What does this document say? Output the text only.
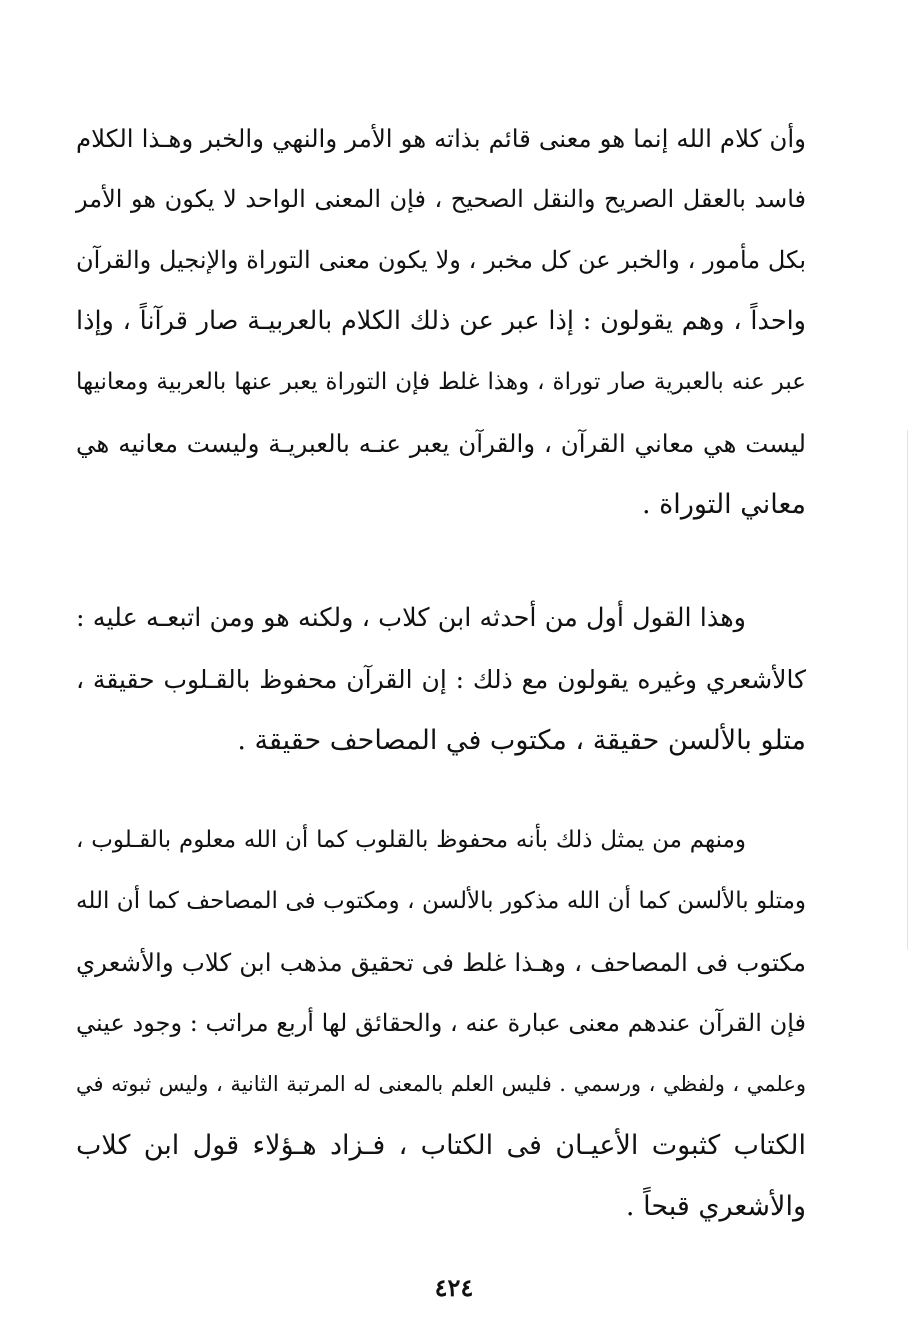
وأن كلام الله إنما هو معنى قائم بذاته هو الأمر والنهي والخبر وهـذا الكلام
فاسد بالعقل الصريح والنقل الصحيح ، فإن المعنى الواحد لا يكون هو الأمر
بكل مأمور ، والخبر عن كل مخبر ، ولا يكون معنى التوراة والإنجيل والقرآن
واحداً ، وهم يقولون : إذا عبر عن ذلك الكلام بالعربيـة صار قرآناً ، وإذا
عبر عنه بالعبرية صار توراة ، وهذا غلط فإن التوراة يعبر عنها بالعربية ومعانيها
ليست هي معاني القرآن ، والقرآن يعبر عنـه بالعبريـة وليست معانيه هي
معاني التوراة .
وهذا القول أول من أحدثه ابن كلاب ، ولكنه هو ومن اتبعـه عليه :
كالأشعري وغيره يقولون مع ذلك : إن القرآن محفوظ بالقـلوب حقيقة ،
متلو بالألسن حقيقة ، مكتوب في المصاحف حقيقة .
ومنهم من يمثل ذلك بأنه محفوظ بالقلوب كما أن الله معلوم بالقـلوب ،
ومتلو بالألسن كما أن الله مذكور بالألسن ، ومكتوب فى المصاحف كما أن الله
مكتوب فى المصاحف ، وهـذا غلط فى تحقيق مذهب ابن كلاب والأشعري
فإن القرآن عندهم معنى عبارة عنه ، والحقائق لها أربع مراتب : وجود عيني
وعلمي ، ولفظي ، ورسمي . فليس العلم بالمعنى له المرتبة الثانية ، وليس ثبوته في
الكتاب كثبوت الأعيـان فى الكتاب ، فـزاد هـؤلاء قول ابن كلاب
والأشعري قبحاً .
٤٢٤
